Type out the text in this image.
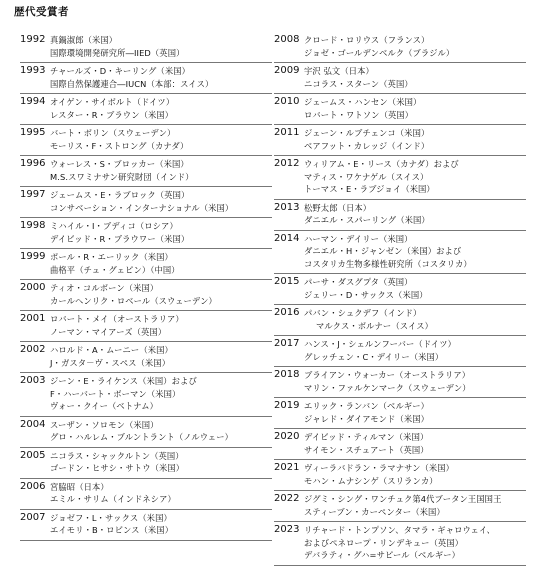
歴代受賞者
1992 真鍋淑郎（米国）
国際環境開発研究所―IIED（英国）
1993 チャールズ・D・キーリング（米国）
国際自然保護連合―IUCN（本部：スイス）
1994 オイゲン・サイボルト（ドイツ）
レスター・R・ブラウン（米国）
1995 バート・ボリン（スウェーデン）
モーリス・F・ストロング（カナダ）
1996 ウォーレス・S・ブロッカー（米国）
M.S.スワミナサン研究財団（インド）
1997 ジェームス・E・ラブロック（英国）
コンサベーション・インターナショナル（米国）
1998 ミハイル・I・ブディコ（ロシア）
デイビッド・R・ブラウワー（米国）
1999 ポール・R・エーリック（米国）
曲格平（チュ・グェピン）（中国）
2000 ティオ・コルボーン（米国）
カールヘンリク・ロベール（スウェーデン）
2001 ロバート・メイ（オーストラリア）
ノーマン・マイアーズ（英国）
2002 ハロルド・A・ムーニー（米国）
J・ガスタ－ヴ・スペス（米国）
2003 ジーン・E・ライケンス（米国）および
F・ハーバート・ボーマン（米国）
ヴォー・クイー（ベトナム）
2004 スーザン・ソロモン（米国）
グロ・ハルレム・ブルントラント（ノルウェー）
2005 ニコラス・シャックルトン（英国）
ゴードン・ヒサシ・サトウ（米国）
2006 宮脇昭（日本）
エミル・サリム（インドネシア）
2007 ジョゼフ・L・サックス（米国）
エイモリ・B・ロビンス（米国）
2008 クロード・ロリウス（フランス）
ジョゼ・ゴールデンベルク（ブラジル）
2009 宇沢 弘文（日本）
ニコラス・スターン（英国）
2010 ジェームス・ハンセン（米国）
ロバート・ワトソン（英国）
2011 ジェーン・ルブチェンコ（米国）
ベアフット・カレッジ（インド）
2012 ウィリアム・E・リース（カナダ）および
マティス・ワケナゲル（スイス）
トーマス・E・ラブジョイ（米国）
2013 松野太郎（日本）
ダニエル・スパーリング（米国）
2014 ハーマン・デイリー（米国）
ダニエル・H・ジャンゼン（米国）および
コスタリカ生物多様性研究所（コスタリカ）
2015 パーサ・ダスグプタ（英国）
ジェリー・D・サックス（米国）
2016 パバン・シュクデフ（インド）
マルクス・ボルナー（スイス）
2017 ハンス・J・シェルンフーバー（ドイツ）
グレッチェン・C・デイリー（米国）
2018 ブライアン・ウォーカー（オーストラリア）
マリン・ファルケンマーク（スウェーデン）
2019 エリック・ランバン（ベルギー）
ジャレド・ダイアモンド（米国）
2020 デイビッド・ティルマン（米国）
サイモン・スチュアート（英国）
2021 ヴィーラバドラン・ラマナサン（米国）
モハン・ムナシンゲ（スリランカ）
2022 ジグミ・シング・ワンチュク第4代ブータン王国国王
スティーブン・カーペンター（米国）
2023 リチャード・トンプソン、タマラ・ギャロウェイ、
およびペネロープ・リンデキュー（英国）
デバラティ・グハ=サピール（ベルギー）
